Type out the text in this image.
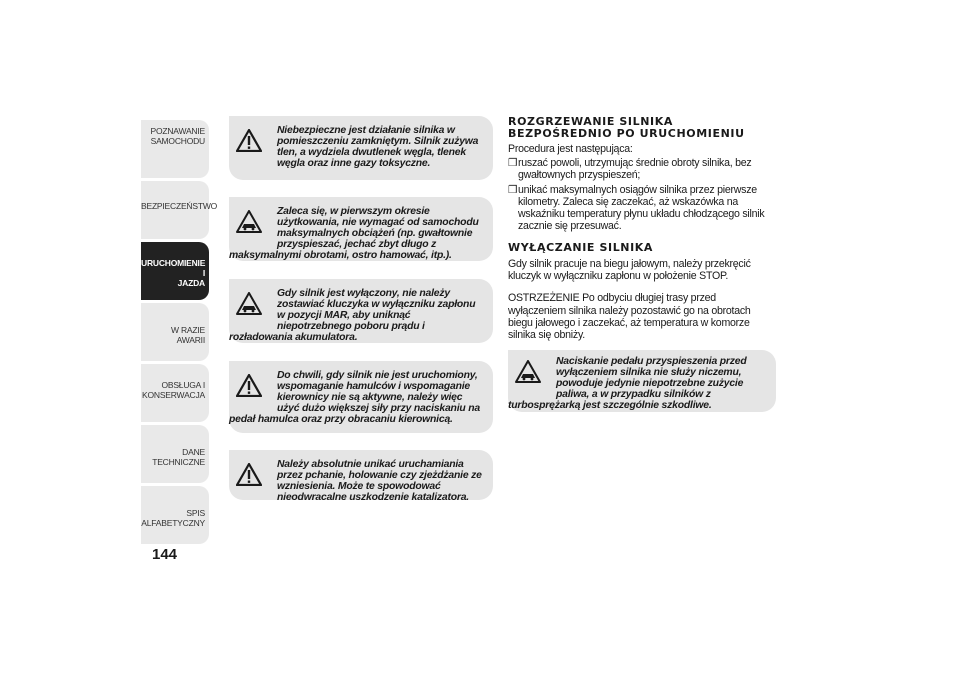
POZNAWANIE
SAMOCHODU
BEZPIECZEŃSTWO
URUCHOMIENIE I
JAZDA
W RAZIE AWARII
OBSŁUGA I
KONSERWACJA
DANE TECHNICZNE
SPIS ALFABETYCZNY
144

Niebezpieczne jest działanie silnika w pomieszczeniu zamkniętym. Silnik zużywa tlen, a wydziela dwutlenek węgla, tlenek węgla oraz inne gazy toksyczne.

Zaleca się, w pierwszym okresie użytkowania, nie wymagać od samochodu maksymalnych obciążeń (np. gwałtownie przyspieszać, jechać zbyt długo z maksymalnymi obrotami, ostro hamować, itp.).

Gdy silnik jest wyłączony, nie należy zostawiać kluczyka w wyłączniku zapłonu w pozycji MAR, aby uniknąć niepotrzebnego poboru prądu i rozładowania akumulatora.

Do chwili, gdy silnik nie jest uruchomiony, wspomaganie hamulców i wspomaganie kierownicy nie są aktywne, należy więc użyć dużo większej siły przy naciskaniu na pedał hamulca oraz przy obracaniu kierownicą.

Należy absolutnie unikać uruchamiania przez pchanie, holowanie czy zjeżdżanie ze wzniesienia. Może te spowodować nieodwracalne uszkodzenie katalizatora.

ROZGRZEWANIE SILNIKA BEZPOŚREDNIO PO URUCHOMIENIU

Procedura jest następująca:

❒ ruszać powoli, utrzymując średnie obroty silnika, bez gwałtownych przyspieszeń;
❒ unikać maksymalnych osiągów silnika przez pierwsze kilometry. Zaleca się zaczekać, aż wskazówka na wskaźniku temperatury płynu układu chłodzącego silnik zacznie się przesuwać.
WYŁĄCZANIE SILNIKA

Gdy silnik pracuje na biegu jałowym, należy przekręcić kluczyk w wyłączniku zapłonu w położenie STOP.

OSTRZEŻENIE Po odbyciu długiej trasy przed wyłączeniem silnika należy pozostawić go na obrotach biegu jałowego i zaczekać, aż temperatura w komorze silnika się obniży.

Naciskanie pedału przyspieszenia przed wyłączeniem silnika nie służy niczemu, powoduje jedynie niepotrzebne zużycie paliwa, a w przypadku silników z turbosprężarką jest szczególnie szkodliwe.
